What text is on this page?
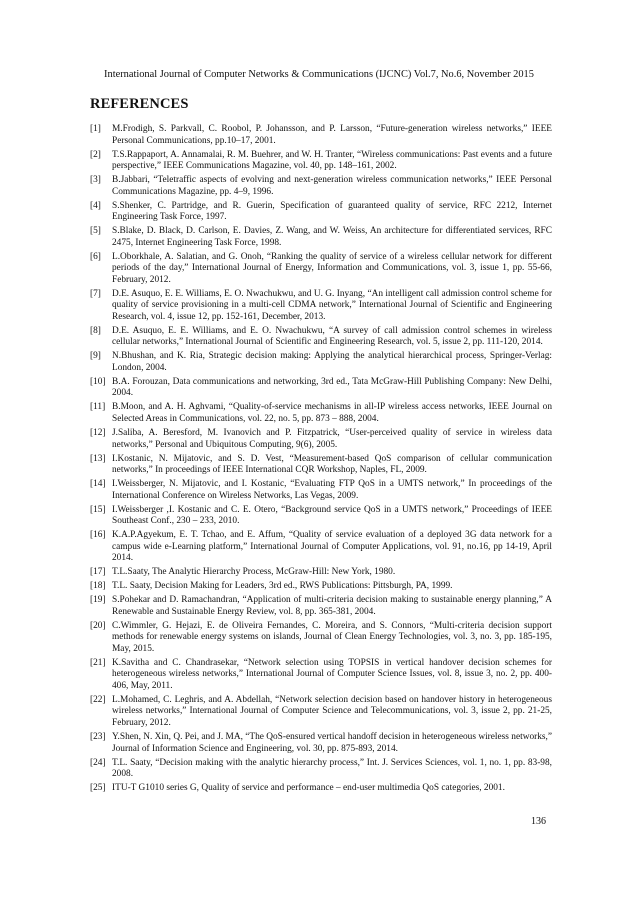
International Journal of Computer Networks & Communications (IJCNC) Vol.7, No.6, November 2015
REFERENCES
[1]	M.Frodigh, S. Parkvall, C. Roobol, P. Johansson, and P. Larsson, “Future-generation wireless networks,” IEEE Personal Communications, pp.10–17, 2001.
[2]	T.S.Rappaport, A. Annamalai, R. M. Buehrer, and W. H. Tranter, “Wireless communications: Past events and a future perspective,” IEEE Communications Magazine, vol. 40, pp. 148–161, 2002.
[3]	B.Jabbari, “Teletraffic aspects of evolving and next-generation wireless communication networks,” IEEE Personal Communications Magazine, pp. 4–9, 1996.
[4]	S.Shenker, C. Partridge, and R. Guerin, Specification of guaranteed quality of service, RFC 2212, Internet Engineering Task Force, 1997.
[5]	S.Blake, D. Black, D. Carlson, E. Davies, Z. Wang, and W. Weiss, An architecture for differentiated services, RFC 2475, Internet Engineering Task Force, 1998.
[6]	L.Oborkhale, A. Salatian, and G. Onoh, “Ranking the quality of service of a wireless cellular network for different periods of the day,” International Journal of Energy, Information and Communications, vol. 3, issue 1, pp. 55-66, February, 2012.
[7]	D.E. Asuquo, E. E. Williams, E. O. Nwachukwu, and U. G. Inyang, “An intelligent call admission control scheme for quality of service provisioning in a multi-cell CDMA network,” International Journal of Scientific and Engineering Research, vol. 4, issue 12, pp. 152-161, December, 2013.
[8]	D.E. Asuquo, E. E. Williams, and E. O. Nwachukwu, “A survey of call admission control schemes in wireless cellular networks,” International Journal of Scientific and Engineering Research, vol. 5, issue 2, pp. 111-120, 2014.
[9]	N.Bhushan, and K. Ria, Strategic decision making: Applying the analytical hierarchical process, Springer-Verlag: London, 2004.
[10] B.A. Forouzan, Data communications and networking, 3rd ed., Tata McGraw-Hill Publishing Company: New Delhi, 2004.
[11] B.Moon, and A. H. Aghvami, “Quality-of-service mechanisms in all-IP wireless access networks, IEEE Journal on Selected Areas in Communications, vol. 22, no. 5, pp. 873 – 888, 2004.
[12] J.Saliba, A. Beresford, M. Ivanovich and P. Fitzpatrick, “User-perceived quality of service in wireless data networks,” Personal and Ubiquitous Computing, 9(6), 2005.
[13] I.Kostanic, N. Mijatovic, and S. D. Vest, “Measurement-based QoS comparison of cellular communication networks,” In proceedings of IEEE International CQR Workshop, Naples, FL, 2009.
[14] I.Weissberger, N. Mijatovic, and I. Kostanic, “Evaluating FTP QoS in a UMTS network,” In proceedings of the International Conference on Wireless Networks, Las Vegas, 2009.
[15] I.Weissberger ,I. Kostanic and C. E. Otero, “Background service QoS in a UMTS network,” Proceedings of IEEE Southeast Conf., 230 – 233, 2010.
[16] K.A.P.Agyekum, E. T. Tchao, and E. Affum, “Quality of service evaluation of a deployed 3G data network for a campus wide e-Learning platform,” International Journal of Computer Applications, vol. 91, no.16, pp 14-19, April 2014.
[17] T.L.Saaty, The Analytic Hierarchy Process, McGraw-Hill: New York, 1980.
[18] T.L. Saaty, Decision Making for Leaders, 3rd ed., RWS Publications: Pittsburgh, PA, 1999.
[19] S.Pohekar and D. Ramachandran, “Application of multi-criteria decision making to sustainable energy planning,” A Renewable and Sustainable Energy Review, vol. 8, pp. 365-381, 2004.
[20] C.Wimmler, G. Hejazi, E. de Oliveira Fernandes, C. Moreira, and S. Connors, “Multi-criteria decision support methods for renewable energy systems on islands, Journal of Clean Energy Technologies, vol. 3, no. 3, pp. 185-195, May, 2015.
[21] K.Savitha and C. Chandrasekar, “Network selection using TOPSIS in vertical handover decision schemes for heterogeneous wireless networks,” International Journal of Computer Science Issues, vol. 8, issue 3, no. 2, pp. 400-406, May, 2011.
[22] L.Mohamed, C. Leghris, and A. Abdellah, “Network selection decision based on handover history in heterogeneous wireless networks,” International Journal of Computer Science and Telecommunications, vol. 3, issue 2, pp. 21-25, February, 2012.
[23] Y.Shen, N. Xin, Q. Pei, and J. MA, “The QoS-ensured vertical handoff decision in heterogeneous wireless networks,” Journal of Information Science and Engineering, vol. 30, pp. 875-893, 2014.
[24] T.L. Saaty, “Decision making with the analytic hierarchy process,” Int. J. Services Sciences, vol. 1, no. 1, pp. 83-98, 2008.
[25] ITU-T G1010 series G, Quality of service and performance – end-user multimedia QoS categories, 2001.
136
